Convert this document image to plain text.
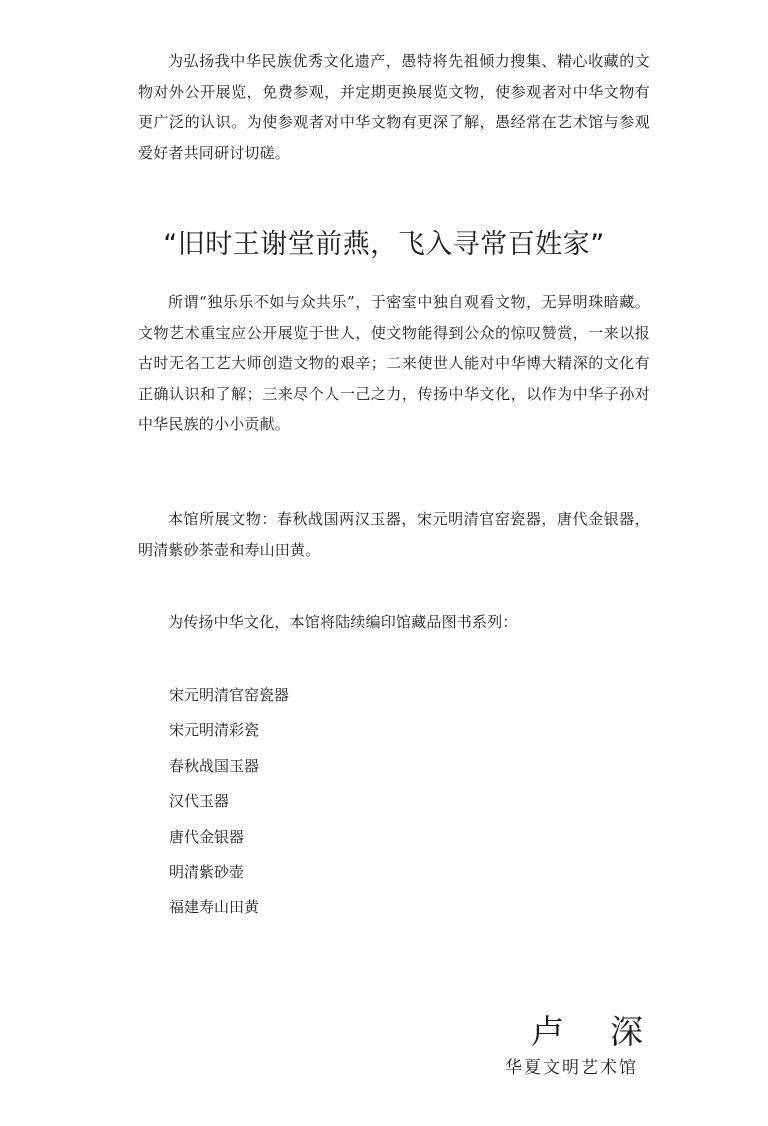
为弘扬我中华民族优秀文化遗产，愚特将先祖倾力搜集、精心收藏的文物对外公开展览，免费参观，并定期更换展览文物，使参观者对中华文物有更广泛的认识。为使参观者对中华文物有更深了解，愚经常在艺术馆与参观爱好者共同研讨切磋。

“旧时王谢堂前燕，飞入寻常百姓家”

所谓“独乐乐不如与众共乐”，于密室中独自观看文物，无异明珠暗藏。文物艺术重宝应公开展览于世人，使文物能得到公众的惊叹赞赏，一来以报古时无名工艺大师创造文物的艰辛；二来使世人能对中华博大精深的文化有正确认识和了解；三来尽个人一己之力，传扬中华文化，以作为中华子孙对中华民族的小小贡献。

本馆所展文物：春秋战国两汉玉器，宋元明清官窑瓷器，唐代金银器，明清紫砂茶壶和寿山田黄。

为传扬中华文化，本馆将陆续编印馆藏品图书系列：

宋元明清官窑瓷器
宋元明清彩瓷
春秋战国玉器
汉代玉器
唐代金银器
明清紫砂壶
福建寿山田黄
卢 深
华夏文明艺术馆
